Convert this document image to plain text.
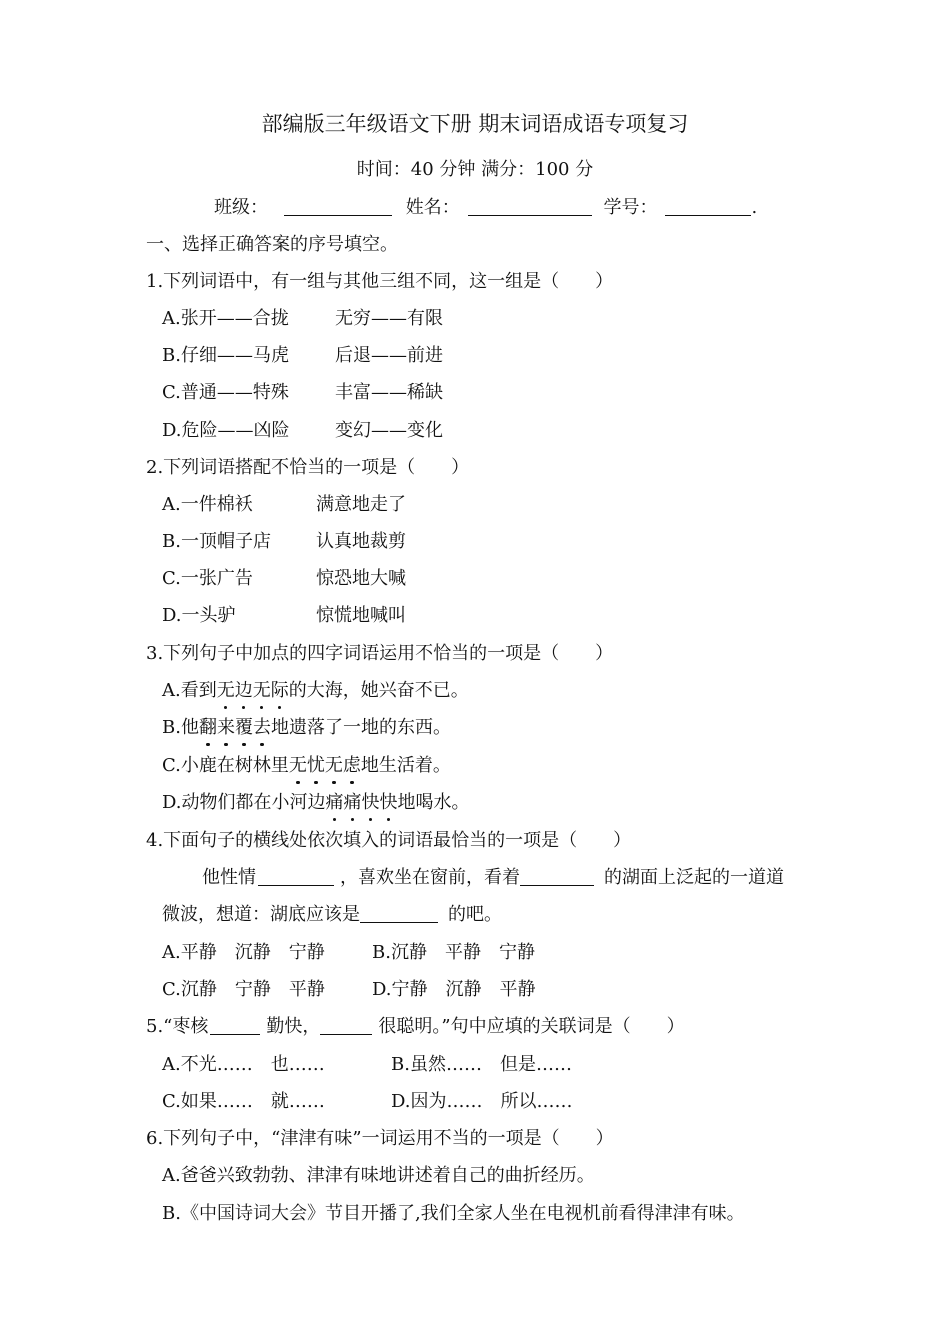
部编版三年级语文下册 期末词语成语专项复习
时间：40 分钟 满分：100 分
班级：	姓名：	学号：	.
一、选择正确答案的序号填空。
1.下列词语中，有一组与其他三组不同，这一组是（　　）
A.张开——合拢	无穷——有限
B.仔细——马虎	后退——前进
C.普通——特殊	丰富——稀缺
D.危险——凶险	变幻——变化
2.下列词语搭配不恰当的一项是（　　）
A.一件棉袄	满意地走了
B.一顶帽子店	认真地裁剪
C.一张广告	惊恐地大喊
D.一头驴	惊慌地喊叫
3.下列句子中加点的四字词语运用不恰当的一项是（　　）
A.看到无边无际的大海，她兴奋不已。
B.他翻来覆去地遗落了一地的东西。
C.小鹿在树林里无忧无虑地生活着。
D.动物们都在小河边痛痛快快地喝水。
4.下面句子的横线处依次填入的词语最恰当的一项是（　　）
他性情	，喜欢坐在窗前，看着	的湖面上泛起的一道道
微波，想道：湖底应该是	的吧。
A.平静　沉静　宁静	B.沉静　平静　宁静
C.沉静　宁静　平静	D.宁静　沉静　平静
5.“枣核	勤快，	很聪明。”句中应填的关联词是（　　）
A.不光……　也……	B.虽然……　但是……
C.如果……　就……	D.因为……　所以……
6.下列句子中，“津津有味”一词运用不当的一项是（　　）
A.爸爸兴致勃勃、津津有味地讲述着自己的曲折经历。
B.《中国诗词大会》节目开播了,我们全家人坐在电视机前看得津津有味。
